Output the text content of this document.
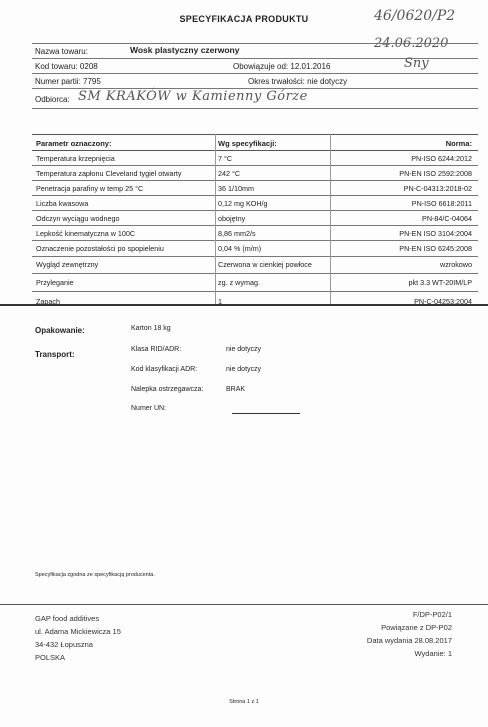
SPECYFIKACJA PRODUKTU	46/0620/P2
24.06.2020
Nazwa towaru:	Wosk plastyczny czerwony
Kod towaru: 0208	Obowiązuje od: 12.01.2016	Sny
Numer partii: 7795	Okres trwałości: nie dotyczy
Odbiorca: SM KRAKÓW w Kamienny Górze
Parametr oznaczony:	Wg specyfikacji:	Norma:
Temperatura krzepnięcia	7 °C	PN-ISO 6244:2012
Temperatura zapłonu Cleveland tygiel otwarty	242 °C	PN-EN ISO 2592:2008
Penetracja parafiny w temp 25 °C	36 1/10mm	PN-C-04313:2018-02
Liczba kwasowa	0,12 mg KOH/g	PN-ISO 6618:2011
Odczyn wyciągu wodnego	obojętny	PN-84/C-04064
Lepkość kinematyczna w 100C	8,86 mm2/s	PN-EN ISO 3104:2004
Oznaczenie pozostałości po spopieleniu	0,04 % (m/m)	PN-EN ISO 6245:2008
Wygląd zewnętrzny	Czerwona w cienkiej powłoce	wzrokowo
Przyleganie	zg. z wymag.	pkt 3.3 WT-20IM/LP
Zapach	1	PN-C-04253:2004
Opakowanie:	Karton 18 kg
Transport:
Klasa RID/ADR:	nie dotyczy
Kod klasyfikacji ADR:	nie dotyczy
Nalepka ostrzegawcza:	BRAK
Numer UN:
Specyfikacja zgodna ze specyfikacją producenta.
GAP food additives
ul. Adama Mickiewicza 15
34-432 Łopuszna
POLSKA
F/DP-P02/1
Powiązane z DP-P02
Data wydania 28.08.2017
Wydanie: 1
Strona 1 z 1
